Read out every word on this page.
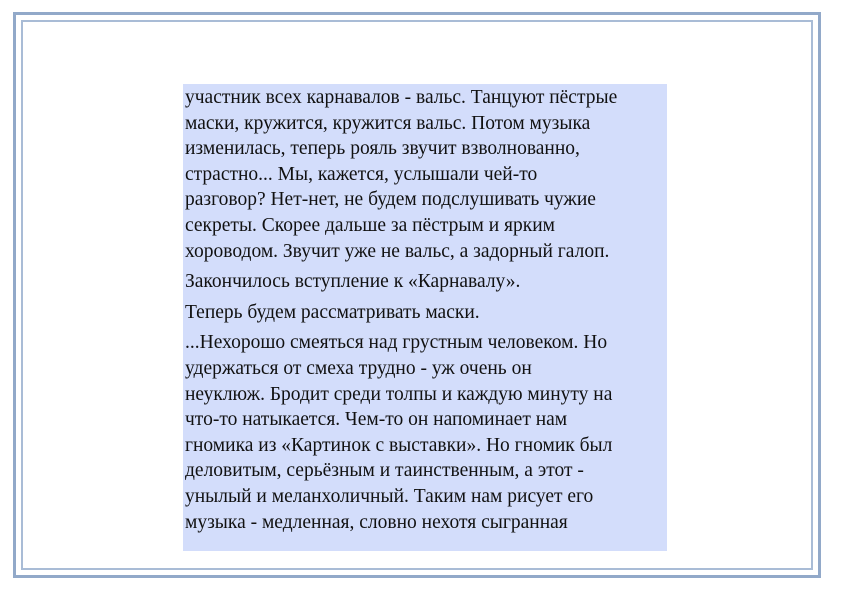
участник всех карнавалов - вальс. Танцуют пёстрые
маски, кружится, кружится вальс. Потом музыка
изменилась, теперь рояль звучит взволнованно,
страстно... Мы, кажется, услышали чей-то
разговор? Нет-нет, не будем подслушивать чужие
секреты. Скорее дальше за пёстрым и ярким
хороводом. Звучит уже не вальс, а задорный галоп.

Закончилось вступление к «Карнавалу».

Теперь будем рассматривать маски.

...Нехорошо смеяться над грустным человеком. Но
удержаться от смеха трудно - уж очень он
неуклюж. Бродит среди толпы и каждую минуту на
что-то натыкается. Чем-то он напоминает нам
гномика из «Картинок с выставки». Но гномик был
деловитым, серьёзным и таинственным, а этот -
унылый и меланхоличный. Таким нам рисует его
музыка - медленная, словно нехотя сыгранная
